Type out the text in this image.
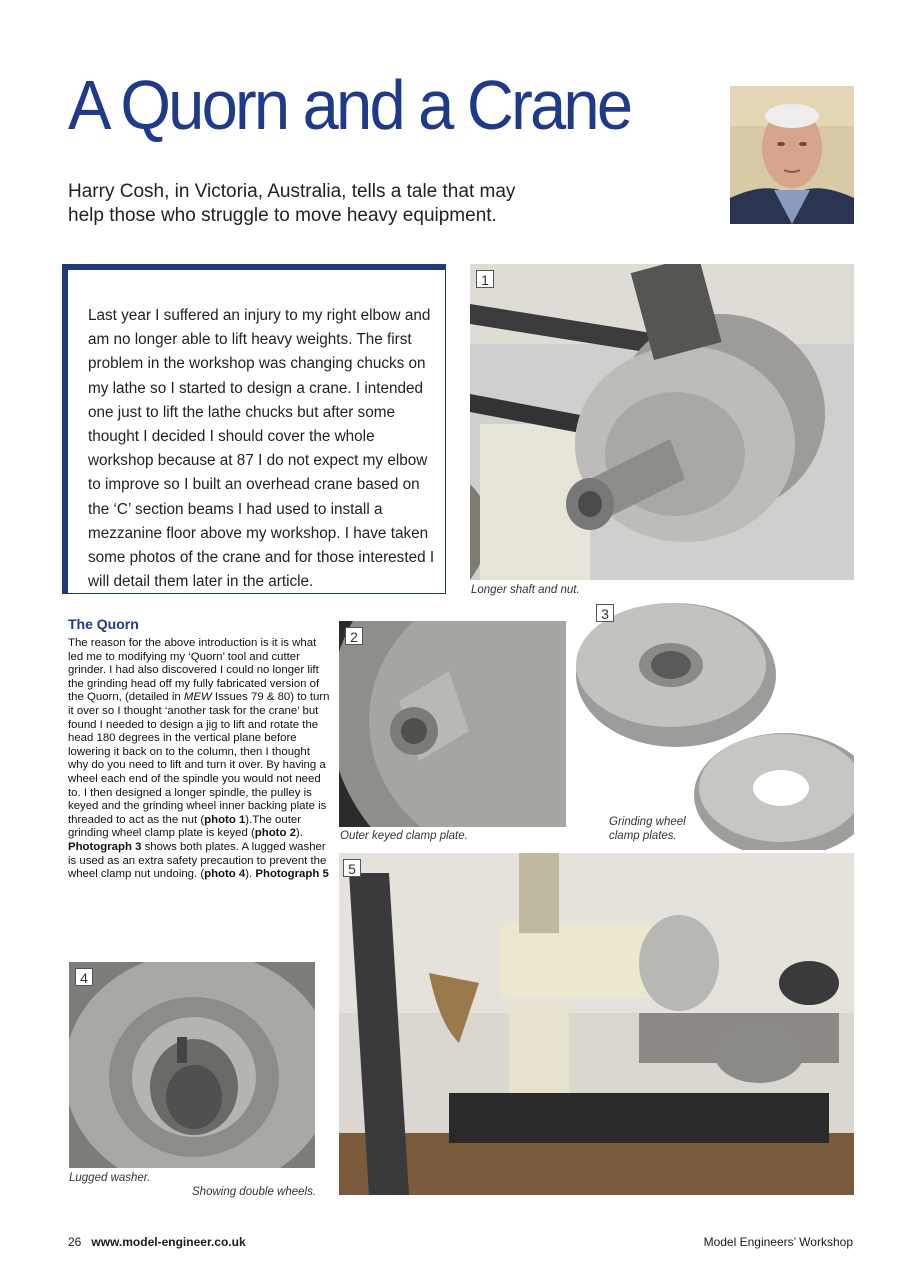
A Quorn and a Crane

Harry Cosh, in Victoria, Australia, tells a tale that may help those who struggle to move heavy equipment.

Last year I suffered an injury to my right elbow and am no longer able to lift heavy weights. The first problem in the workshop was changing chucks on my lathe so I started to design a crane. I intended one just to lift the lathe chucks but after some thought I decided I should cover the whole workshop because at 87 I do not expect my elbow to improve so I built an overhead crane based on the ‘C’ section beams I had used to install a mezzanine floor above my workshop. I have taken some photos of the crane and for those interested I will detail them later in the article.

1

Longer shaft and nut.

2

Outer keyed clamp plate.

3

Grinding wheel clamp plates.

The Quorn

The reason for the above introduction is it is what led me to modifying my ‘Quorn’ tool and cutter grinder. I had also discovered I could no longer lift the grinding head off my fully fabricated version of the Quorn, (detailed in MEW Issues 79 & 80) to turn it over so I thought ‘another task for the crane’ but found I needed to design a jig to lift and rotate the head 180 degrees in the vertical plane before lowering it back on to the column, then I thought why do you need to lift and turn it over. By having a wheel each end of the spindle you would not need to. I then designed a longer spindle, the pulley is keyed and the grinding wheel inner backing plate is threaded to act as the nut (photo 1).The outer grinding wheel clamp plate is keyed (photo 2). Photograph 3 shows both plates. A lugged washer is used as an extra safety precaution to prevent the wheel clamp nut undoing. (photo 4). Photograph 5

4

Lugged washer.

5

Showing double wheels.

26 www.model-engineer.co.uk	Model Engineers’ Workshop
